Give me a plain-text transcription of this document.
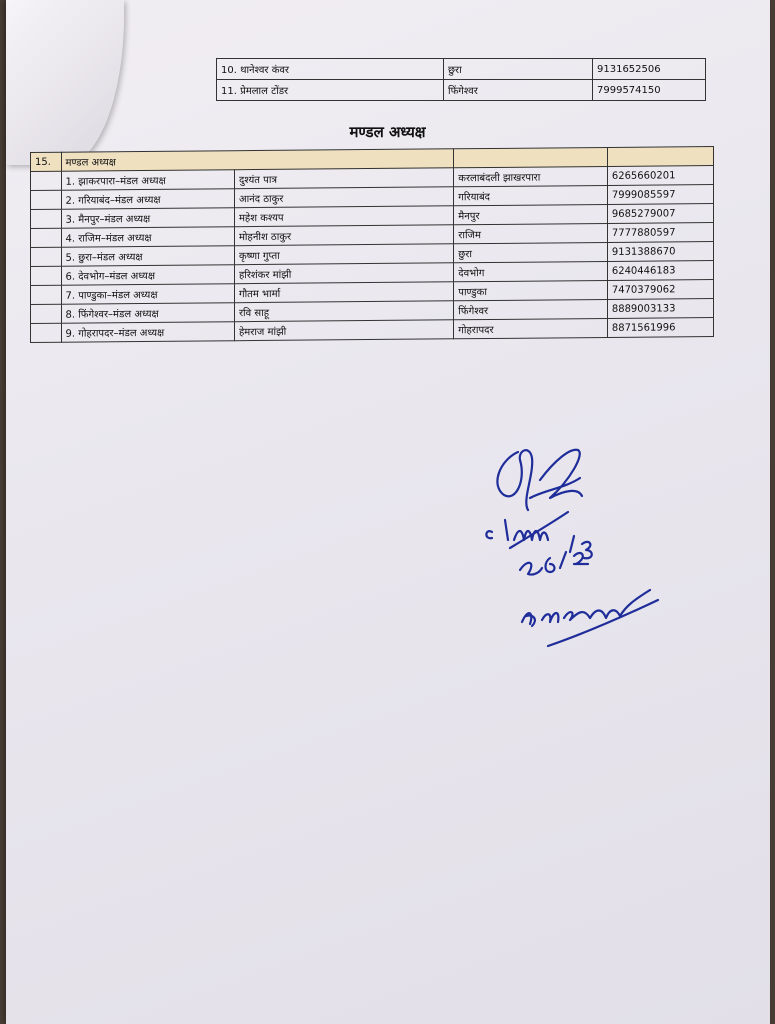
10. थानेश्वर कंवर	छुरा	9131652506
11. प्रेमलाल टोंडर	फिंगेश्वर	7999574150
मण्डल अध्यक्ष
15.	मण्डल अध्यक्ष			
	1. झाकरपारा–मंडल अध्यक्ष	दुश्यंत पात्र	करलाबंदली झाखरपारा	6265660201
	2. गरियाबंद–मंडल अध्यक्ष	आनंद ठाकुर	गरियाबंद	7999085597
	3. मैनपुर–मंडल अध्यक्ष	महेश कश्यप	मैनपुर	9685279007
	4. राजिम–मंडल अध्यक्ष	मोहनीश ठाकुर	राजिम	7777880597
	5. छुरा–मंडल अध्यक्ष	कृष्णा गुप्ता	छुरा	9131388670
	6. देवभोग–मंडल अध्यक्ष	हरिशंकर मांझी	देवभोग	6240446183
	7. पाण्डुका–मंडल अध्यक्ष	गौतम भार्मा	पाण्डुका	7470379062
	8. फिंगेश्वर–मंडल अध्यक्ष	रवि साहू	फिंगेश्वर	8889003133
	9. गोहरापदर–मंडल अध्यक्ष	हेमराज मांझी	गोहरापदर	8871561996
